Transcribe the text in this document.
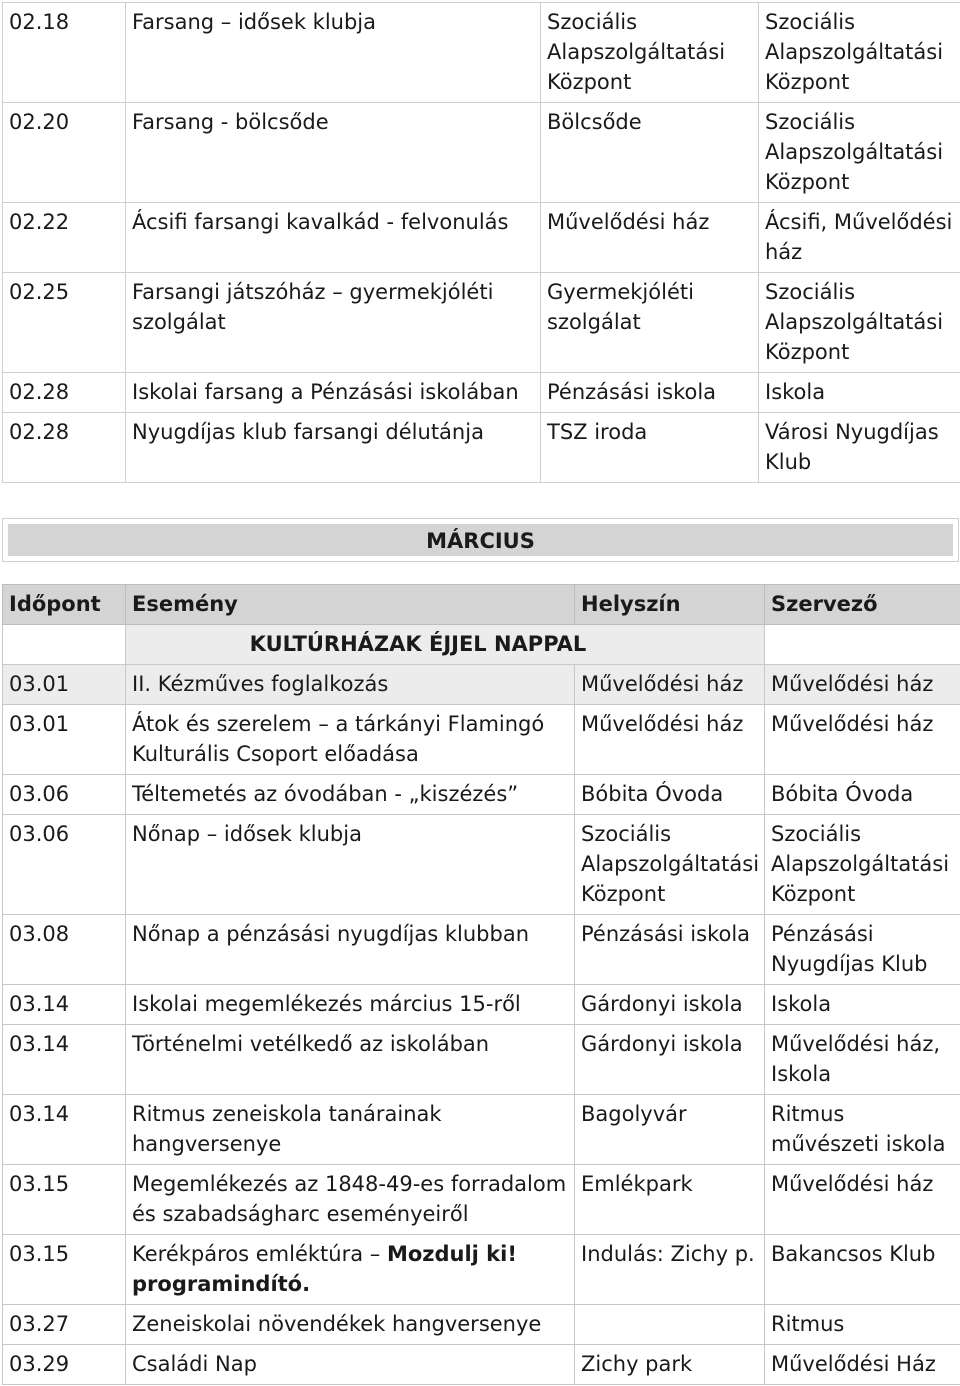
02.18	Farsang – idősek klubja	Szociális Alapszolgáltatási Központ	Szociális Alapszolgáltatási Központ
02.20	Farsang - bölcsőde	Bölcsőde	Szociális Alapszolgáltatási Központ
02.22	Ácsifi farsangi kavalkád - felvonulás	Művelődési ház	Ácsifi, Művelődési ház
02.25	Farsangi játszóház – gyermekjóléti szolgálat	Gyermekjóléti szolgálat	Szociális Alapszolgáltatási Központ
02.28	Iskolai farsang a Pénzásási iskolában	Pénzásási iskola	Iskola
02.28	Nyugdíjas klub farsangi délutánja	TSZ iroda	Városi Nyugdíjas Klub
MÁRCIUS
Időpont	Esemény	Helyszín	Szervező
	KULTÚRHÁZAK ÉJJEL NAPPAL		
03.01	II. Kézműves foglalkozás	Művelődési ház	Művelődési ház
03.01	Átok és szerelem – a tárkányi Flamingó Kulturális Csoport előadása	Művelődési ház	Művelődési ház
03.06	Téltemetés az óvodában - „kiszézés”	Bóbita Óvoda	Bóbita Óvoda
03.06	Nőnap – idősek klubja	Szociális Alapszolgáltatási Központ	Szociális Alapszolgáltatási Központ
03.08	Nőnap a pénzásási nyugdíjas klubban	Pénzásási iskola	Pénzásási Nyugdíjas Klub
03.14	Iskolai megemlékezés március 15-ről	Gárdonyi iskola	Iskola
03.14	Történelmi vetélkedő az iskolában	Gárdonyi iskola	Művelődési ház, Iskola
03.14	Ritmus zeneiskola tanárainak hangversenye	Bagolyvár	Ritmus művészeti iskola
03.15	Megemlékezés az 1848-49-es forradalom és szabadságharc eseményeiről	Emlékpark	Művelődési ház
03.15	Kerékpáros emléktúra – Mozdulj ki! programindító.	Indulás: Zichy p.	Bakancsos Klub
03.27	Zeneiskolai növendékek hangversenye		Ritmus
03.29	Családi Nap	Zichy park	Művelődési Ház
